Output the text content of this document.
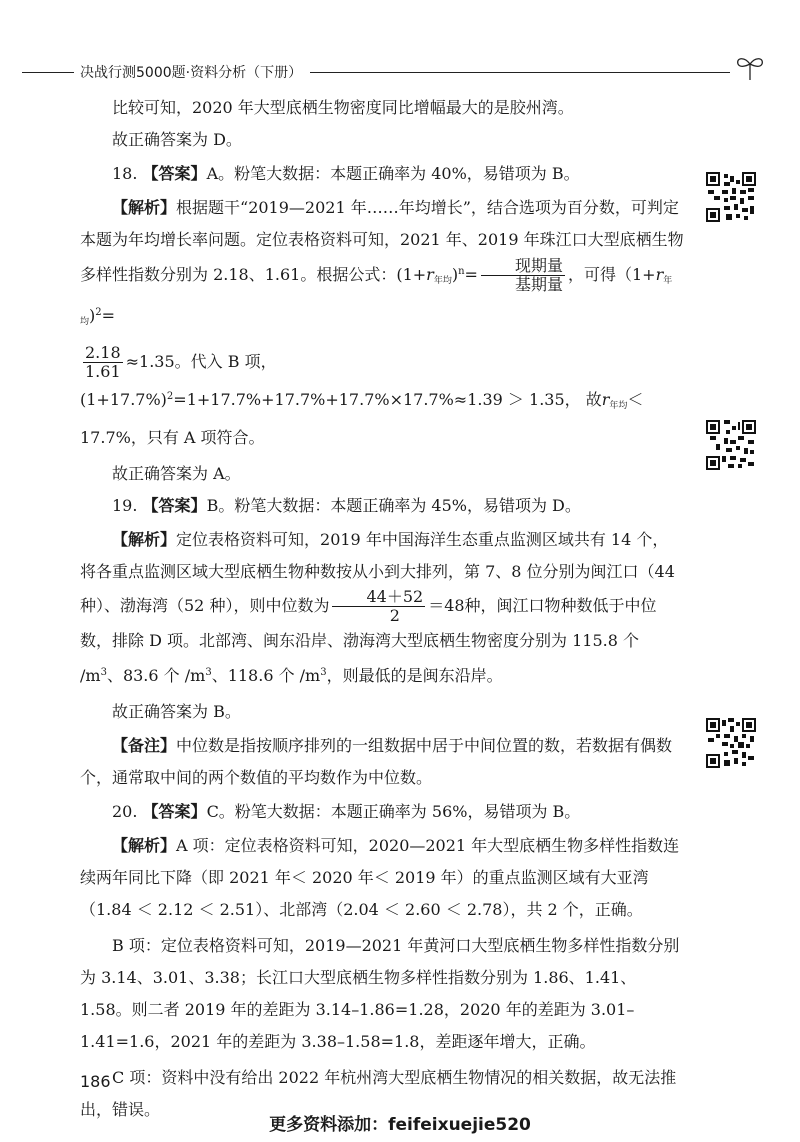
决战行测5000题·资料分析（下册）

比较可知，2020 年大型底栖生物密度同比增幅最大的是胶州湾。

故正确答案为 D。

18. 【答案】A。粉笔大数据：本题正确率为 40%，易错项为 B。

【解析】根据题干“2019—2021 年……年均增长”，结合选项为百分数，可判定本题为年均增长率问题。定位表格资料可知，2021 年、2019 年珠江口大型底栖生物多样性指数分别为 2.18、1.61。根据公式：$(1+r_{年均})^n= \frac{\text{现期量}}{\text{基期量}}$ ，可得$(1+r_{年均})^2=$

$\frac{2.18}{1.61} \approx 1.35$。代入 B 项，$(1+17.7\%)^2=1+17.7\%+17.7\%+17.7\%\times 17.7\%\approx 1.39 > 1.35$， 故$r_{年均}< 17.7\%$，只有 A 项符合。

故正确答案为 A。

19. 【答案】B。粉笔大数据：本题正确率为 45%，易错项为 D。

【解析】定位表格资料可知，2019 年中国海洋生态重点监测区域共有 14 个，将各重点监测区域大型底栖生物种数按从小到大排列，第 7、8 位分别为闽江口（44种）、渤海湾（52 种），则中位数为 $\frac{44+52}{2} =48$种，闽江口物种数低于中位数，排除 D 项。北部湾、闽东沿岸、渤海湾大型底栖生物密度分别为 115.8 个 $/m^3$、83.6 个 $/m^3$、118.6 个 $/m^3$，则最低的是闽东沿岸。

故正确答案为 B。

【备注】中位数是指按顺序排列的一组数据中居于中间位置的数，若数据有偶数个，通常取中间的两个数值的平均数作为中位数。

20. 【答案】C。粉笔大数据：本题正确率为 56%，易错项为 B。

【解析】A 项：定位表格资料可知，2020—2021 年大型底栖生物多样性指数连续两年同比下降（即 2021 年＜ 2020 年＜ 2019 年）的重点监测区域有大亚湾（1.84 ＜ 2.12 ＜ 2.51）、北部湾（2.04 ＜ 2.60 ＜ 2.78），共 2 个，正确。

B 项：定位表格资料可知，2019—2021 年黄河口大型底栖生物多样性指数分别为 3.14、3.01、3.38；长江口大型底栖生物多样性指数分别为 1.86、1.41、1.58。则二者 2019 年的差距为 3.14–1.86=1.28，2020 年的差距为 3.01–1.41=1.6，2021 年的差距为 3.38–1.58=1.8，差距逐年增大，正确。

C 项：资料中没有给出 2022 年杭州湾大型底栖生物情况的相关数据，故无法推出，错误。

186
更多资料添加：feifeixuejie520
